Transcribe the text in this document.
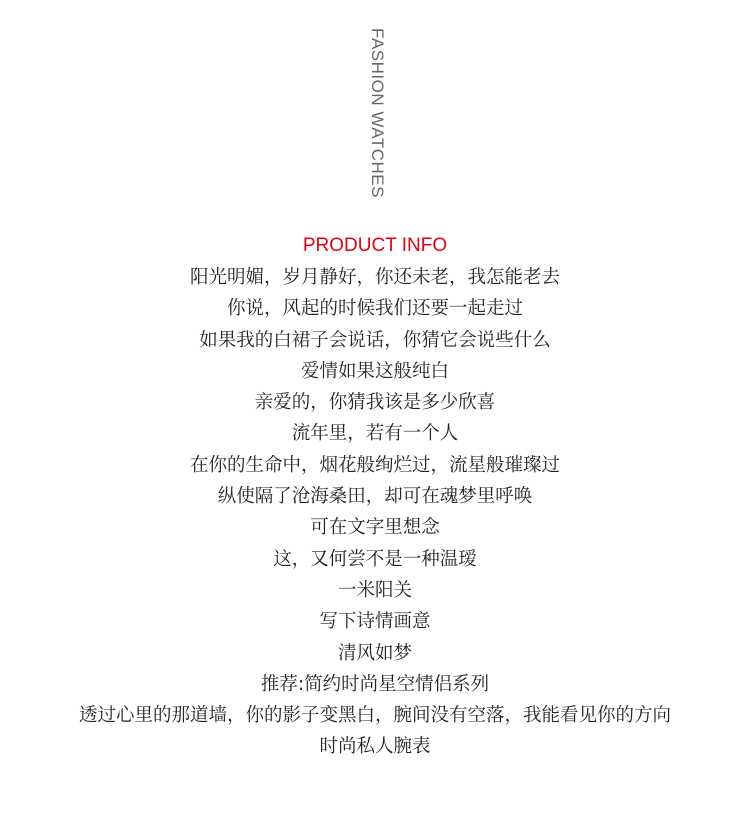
FASHION WATCHES
PRODUCT INFO
阳光明媚，岁月静好，你还未老，我怎能老去
你说，风起的时候我们还要一起走过
如果我的白裙子会说话，你猜它会说些什么
爱情如果这般纯白
亲爱的，你猜我该是多少欣喜
流年里，若有一个人
在你的生命中，烟花般绚烂过，流星般璀璨过
纵使隔了沧海桑田，却可在魂梦里呼唤
可在文字里想念
这，又何尝不是一种温瑷
一米阳关
写下诗情画意
清风如梦
推荐:简约时尚星空情侣系列
透过心里的那道墙，你的影子变黑白，腕间没有空落，我能看见你的方向
时尚私人腕表
